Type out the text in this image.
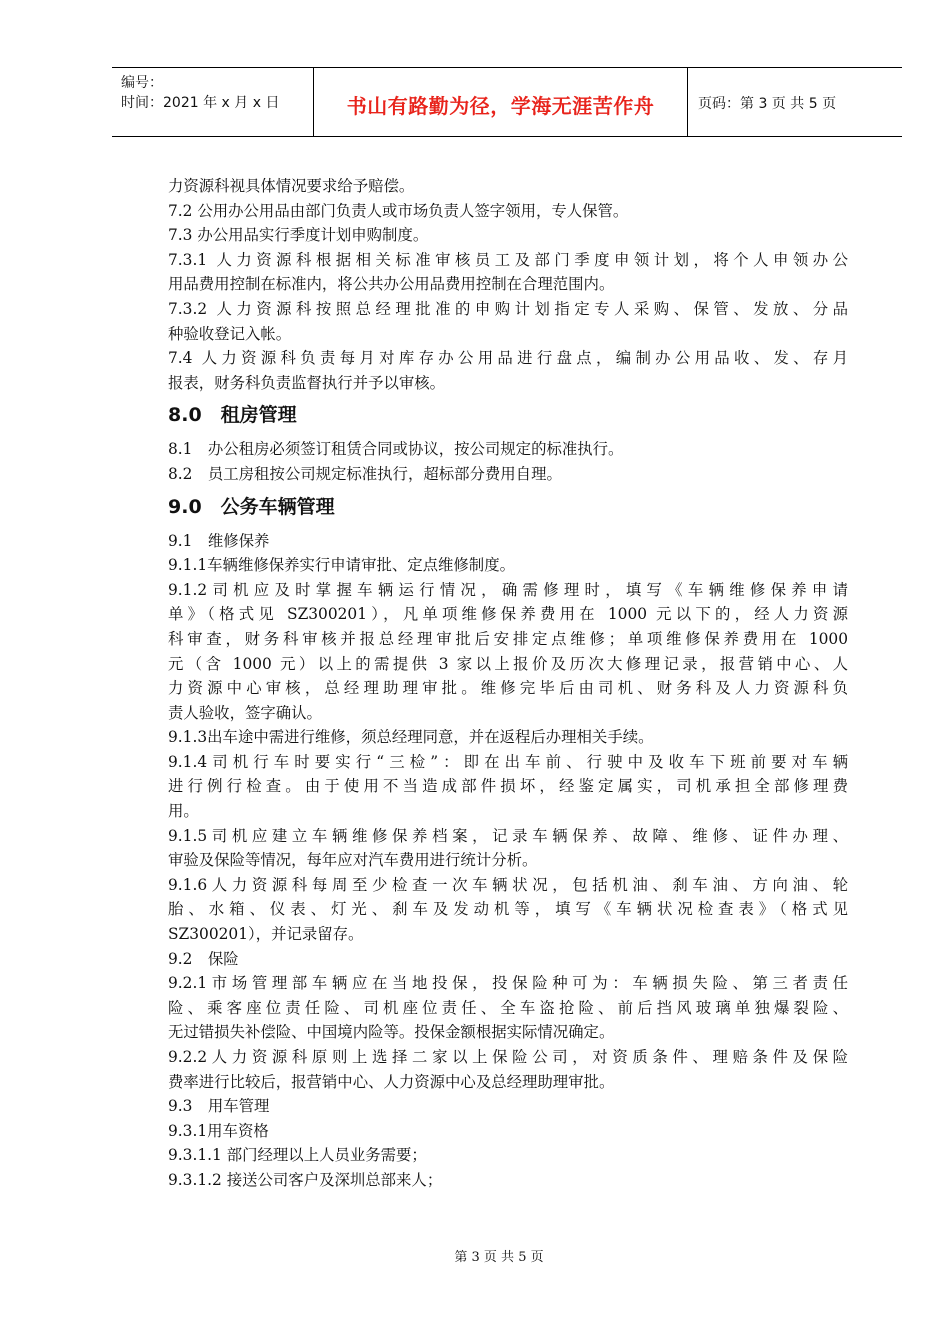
编号：
时间：2021 年 x 月 x 日	书山有路勤为径，学海无涯苦作舟	页码：第 3 页 共 5 页
力资源科视具体情况要求给予赔偿。
7.2 公用办公用品由部门负责人或市场负责人签字领用，专人保管。
7.3 办公用品实行季度计划申购制度。
7.3.1 人力资源科根据相关标准审核员工及部门季度申领计划，将个人申领办公
用品费用控制在标准内，将公共办公用品费用控制在合理范围内。
7.3.2 人力资源科按照总经理批准的申购计划指定专人采购、保管、发放、分品
种验收登记入帐。
7.4 人力资源科负责每月对库存办公用品进行盘点，编制办公用品收、发、存月
报表，财务科负责监督执行并予以审核。
8.0　租房管理
8.1　办公租房必须签订租赁合同或协议，按公司规定的标准执行。
8.2　员工房租按公司规定标准执行，超标部分费用自理。
9.0　公务车辆管理
9.1　维修保养
9.1.1车辆维修保养实行申请审批、定点维修制度。
9.1.2司机应及时掌握车辆运行情况，确需修理时，填写《车辆维修保养申请
单》（格式见 SZ300201），凡单项维修保养费用在 1000 元以下的，经人力资源
科审查，财务科审核并报总经理审批后安排定点维修；单项维修保养费用在 1000
元（含 1000 元）以上的需提供 3 家以上报价及历次大修理记录，报营销中心、人
力资源中心审核，总经理助理审批。维修完毕后由司机、财务科及人力资源科负
责人验收，签字确认。
9.1.3出车途中需进行维修，须总经理同意，并在返程后办理相关手续。
9.1.4司机行车时要实行“三检”：即在出车前、行驶中及收车下班前要对车辆
进行例行检查。由于使用不当造成部件损坏，经鉴定属实，司机承担全部修理费
用。
9.1.5司机应建立车辆维修保养档案，记录车辆保养、故障、维修、证件办理、
审验及保险等情况，每年应对汽车费用进行统计分析。
9.1.6人力资源科每周至少检查一次车辆状况，包括机油、刹车油、方向油、轮
胎、水箱、仪表、灯光、刹车及发动机等，填写《车辆状况检查表》（格式见
SZ300201），并记录留存。
9.2　保险
9.2.1市场管理部车辆应在当地投保，投保险种可为：车辆损失险、第三者责任
险、乘客座位责任险、司机座位责任、全车盗抢险、前后挡风玻璃单独爆裂险、
无过错损失补偿险、中国境内险等。投保金额根据实际情况确定。
9.2.2人力资源科原则上选择二家以上保险公司，对资质条件、理赔条件及保险
费率进行比较后，报营销中心、人力资源中心及总经理助理审批。
9.3　用车管理
9.3.1用车资格
9.3.1.1 部门经理以上人员业务需要；
9.3.1.2 接送公司客户及深圳总部来人；
第 3 页 共 5 页
